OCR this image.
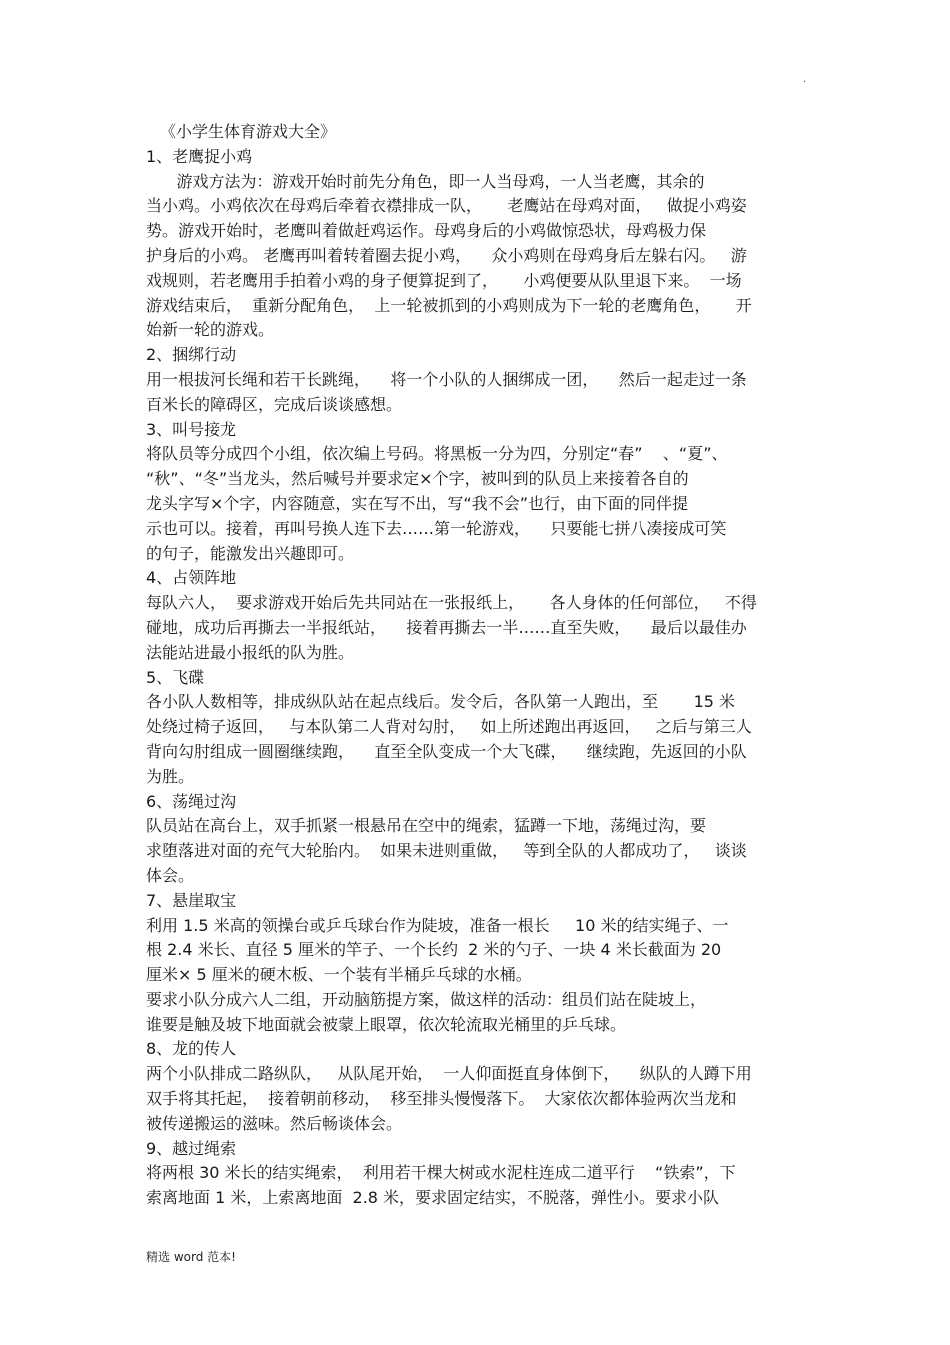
.
《小学生体育游戏大全》
1、老鹰捉小鸡
游戏方法为：游戏开始时前先分角色，即一人当母鸡，一人当老鹰，其余的
当小鸡。小鸡依次在母鸡后牵着衣襟排成一队，     老鹰站在母鸡对面，   做捉小鸡姿
势。游戏开始时，老鹰叫着做赶鸡运作。母鸡身后的小鸡做惊恐状，母鸡极力保
护身后的小鸡。 老鹰再叫着转着圈去捉小鸡，    众小鸡则在母鸡身后左躲右闪。   游
戏规则，若老鹰用手拍着小鸡的身子便算捉到了，     小鸡便要从队里退下来。  一场
游戏结束后，  重新分配角色，  上一轮被抓到的小鸡则成为下一轮的老鹰角色，     开
始新一轮的游戏。
2、捆绑行动
用一根拔河长绳和若干长跳绳，    将一个小队的人捆绑成一团，    然后一起走过一条
百米长的障碍区，完成后谈谈感想。
3、叫号接龙
将队员等分成四个小组，依次编上号码。将黑板一分为四，分别定“春”    、“夏”、
“秋”、“冬”当龙头，然后喊号并要求定×个字，被叫到的队员上来接着各自的
龙头字写×个字，内容随意，实在写不出，写“我不会”也行，由下面的同伴提
示也可以。接着，再叫号换人连下去……第一轮游戏，    只要能七拼八凑接成可笑
的句子，能激发出兴趣即可。
4、占领阵地
每队六人，  要求游戏开始后先共同站在一张报纸上，     各人身体的任何部位，   不得
碰地，成功后再撕去一半报纸站，    接着再撕去一半……直至失败，    最后以最佳办
法能站进最小报纸的队为胜。
5、飞碟
各小队人数相等，排成纵队站在起点线后。发令后，各队第一人跑出，至       15 米
处绕过椅子返回，   与本队第二人背对勾肘，   如上所述跑出再返回，   之后与第三人
背向勾肘组成一圆圈继续跑，    直至全队变成一个大飞碟，    继续跑，先返回的小队
为胜。
6、荡绳过沟
队员站在高台上，双手抓紧一根悬吊在空中的绳索，猛蹲一下地，荡绳过沟，要
求堕落进对面的充气大轮胎内。  如果未进则重做，   等到全队的人都成功了，   谈谈
体会。
7、悬崖取宝
利用 1.5 米高的领操台或乒乓球台作为陡坡，准备一根长     10 米的结实绳子、一
根 2.4 米长、直径 5 厘米的竿子、一个长约  2 米的勺子、一块 4 米长截面为 20
厘米× 5 厘米的硬木板、一个装有半桶乒乓球的水桶。
要求小队分成六人二组，开动脑筋提方案，做这样的活动：组员们站在陡坡上，
谁要是触及坡下地面就会被蒙上眼罩，依次轮流取光桶里的乒乓球。
8、龙的传人
两个小队排成二路纵队，   从队尾开始，  一人仰面挺直身体倒下，    纵队的人蹲下用
双手将其托起，  接着朝前移动，  移至排头慢慢落下。  大家依次都体验两次当龙和
被传递搬运的滋味。然后畅谈体会。
9、越过绳索
将两根 30 米长的结实绳索，  利用若干棵大树或水泥柱连成二道平行    “铁索”，下
索离地面 1 米，上索离地面  2.8 米，要求固定结实，不脱落，弹性小。要求小队
精选 word 范本!
